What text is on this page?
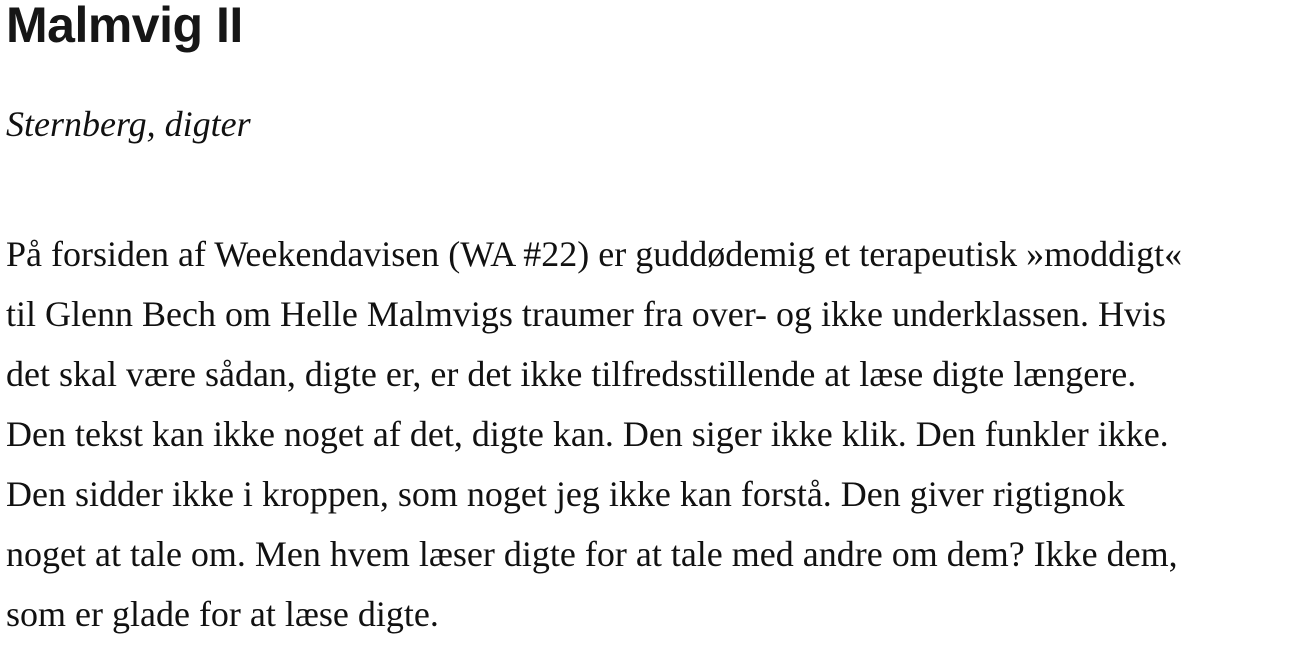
Malmvig II

Sternberg, digter

På forsiden af Weekendavisen (WA #22) er guddødemig et terapeutisk »moddigt«
til Glenn Bech om Helle Malmvigs traumer fra over- og ikke underklassen. Hvis
det skal være sådan, digte er, er det ikke tilfredsstillende at læse digte længere.
Den tekst kan ikke noget af det, digte kan. Den siger ikke klik. Den funkler ikke.
Den sidder ikke i kroppen, som noget jeg ikke kan forstå. Den giver rigtignok
noget at tale om. Men hvem læser digte for at tale med andre om dem? Ikke dem,
som er glade for at læse digte.
